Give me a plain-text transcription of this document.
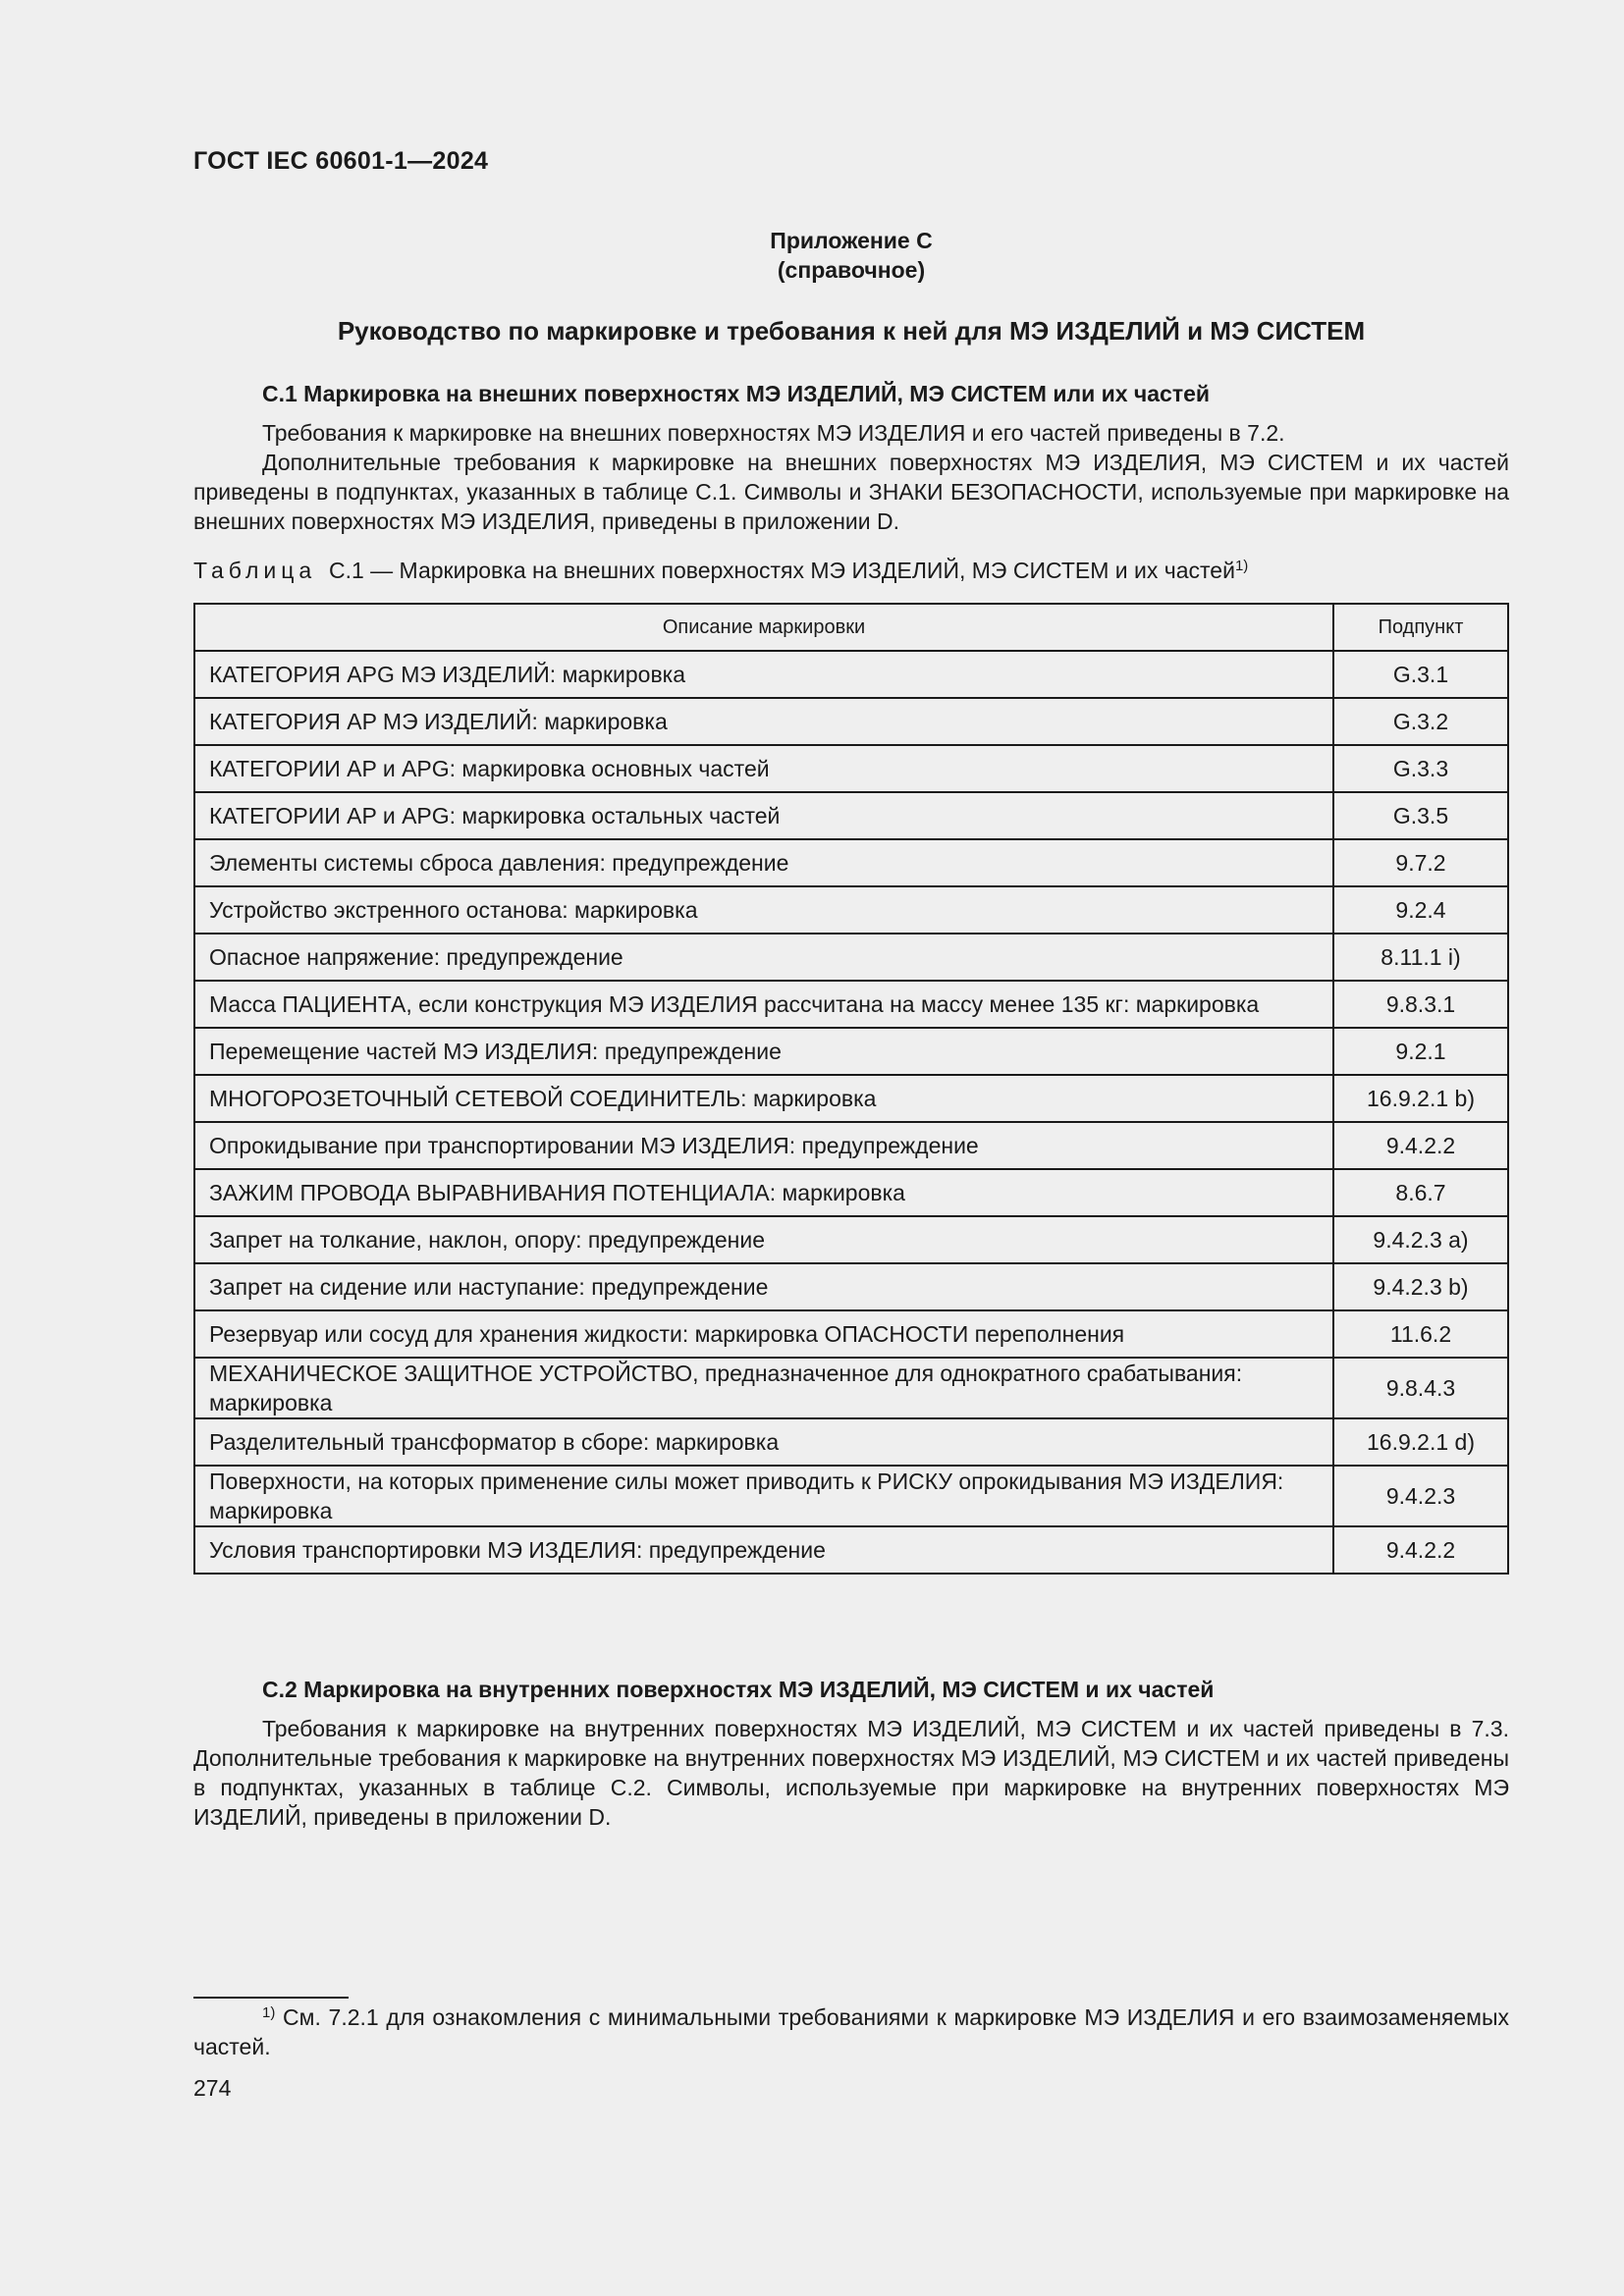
ГОСТ IEC 60601-1—2024
Приложение С
(справочное)
Руководство по маркировке и требования к ней для МЭ ИЗДЕЛИЙ и МЭ СИСТЕМ
С.1 Маркировка на внешних поверхностях МЭ ИЗДЕЛИЙ, МЭ СИСТЕМ или их частей

Требования к маркировке на внешних поверхностях МЭ ИЗДЕЛИЯ и его частей приведены в 7.2.

Дополнительные требования к маркировке на внешних поверхностях МЭ ИЗДЕЛИЯ, МЭ СИСТЕМ и их частей приведены в подпунктах, указанных в таблице С.1. Символы и ЗНАКИ БЕЗОПАСНОСТИ, используемые при маркировке на внешних поверхностях МЭ ИЗДЕЛИЯ, приведены в приложении D.

Таблица С.1 — Маркировка на внешних поверхностях МЭ ИЗДЕЛИЙ, МЭ СИСТЕМ и их частей$^{1)}$
Описание маркировки	Подпункт
КАТЕГОРИЯ APG МЭ ИЗДЕЛИЙ: маркировка	G.3.1
КАТЕГОРИЯ AP МЭ ИЗДЕЛИЙ: маркировка	G.3.2
КАТЕГОРИИ AP и APG: маркировка основных частей	G.3.3
КАТЕГОРИИ AP и APG: маркировка остальных частей	G.3.5
Элементы системы сброса давления: предупреждение	9.7.2
Устройство экстренного останова: маркировка	9.2.4
Опасное напряжение: предупреждение	8.11.1 i)
Масса ПАЦИЕНТА, если конструкция МЭ ИЗДЕЛИЯ рассчитана на массу менее 135 кг: маркировка	9.8.3.1
Перемещение частей МЭ ИЗДЕЛИЯ: предупреждение	9.2.1
МНОГОРОЗЕТОЧНЫЙ СЕТЕВОЙ СОЕДИНИТЕЛЬ: маркировка	16.9.2.1 b)
Опрокидывание при транспортировании МЭ ИЗДЕЛИЯ: предупреждение	9.4.2.2
ЗАЖИМ ПРОВОДА ВЫРАВНИВАНИЯ ПОТЕНЦИАЛА: маркировка	8.6.7
Запрет на толкание, наклон, опору: предупреждение	9.4.2.3 a)
Запрет на сидение или наступание: предупреждение	9.4.2.3 b)
Резервуар или сосуд для хранения жидкости: маркировка ОПАСНОСТИ переполнения	11.6.2
МЕХАНИЧЕСКОЕ ЗАЩИТНОЕ УСТРОЙСТВО, предназначенное для однократного срабатывания: маркировка	9.8.4.3
Разделительный трансформатор в сборе: маркировка	16.9.2.1 d)
Поверхности, на которых применение силы может приводить к РИСКУ опрокидывания МЭ ИЗДЕЛИЯ: маркировка	9.4.2.3
Условия транспортировки МЭ ИЗДЕЛИЯ: предупреждение	9.4.2.2
С.2 Маркировка на внутренних поверхностях МЭ ИЗДЕЛИЙ, МЭ СИСТЕМ и их частей

Требования к маркировке на внутренних поверхностях МЭ ИЗДЕЛИЙ, МЭ СИСТЕМ и их частей приведены в 7.3. Дополнительные требования к маркировке на внутренних поверхностях МЭ ИЗДЕЛИЙ, МЭ СИСТЕМ и их частей приведены в подпунктах, указанных в таблице С.2. Символы, используемые при маркировке на внутренних поверхностях МЭ ИЗДЕЛИЙ, приведены в приложении D.

$^{1)}$ См. 7.2.1 для ознакомления с минимальными требованиями к маркировке МЭ ИЗДЕЛИЯ и его взаимозаменяемых частей.

274
